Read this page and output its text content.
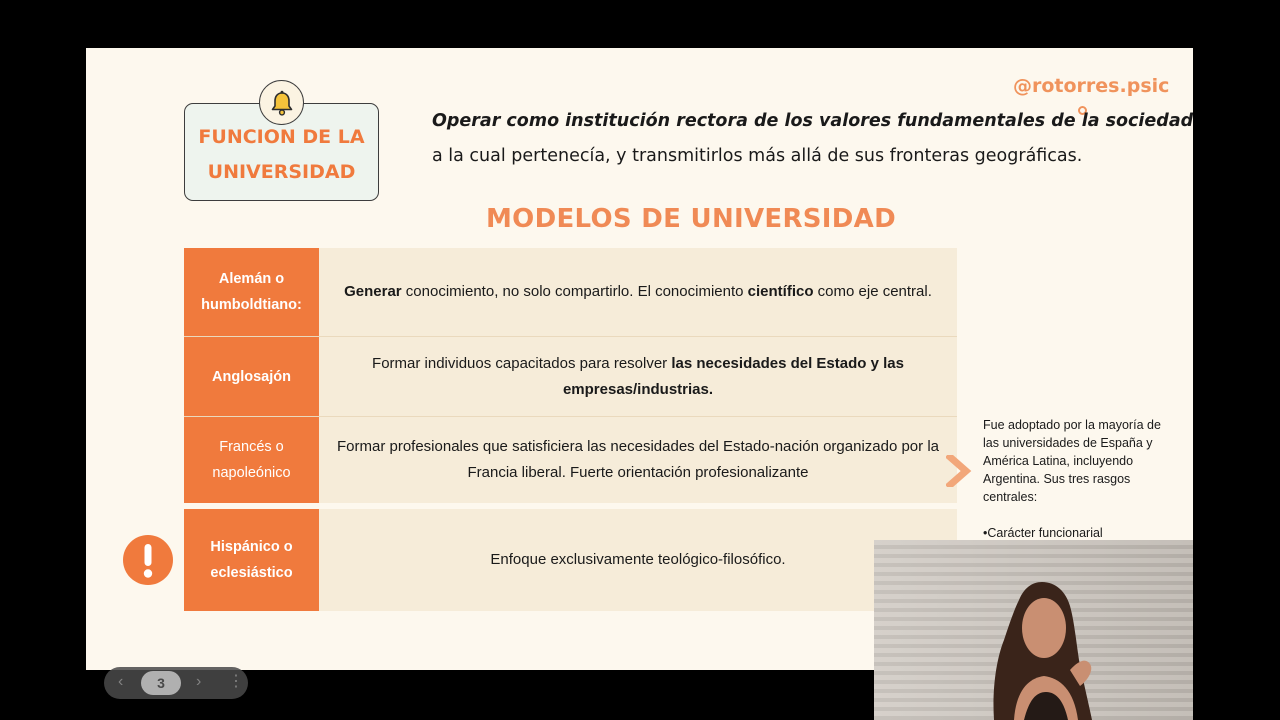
@rotorres.psic
FUNCION DE LA
UNIVERSIDAD
Operar como institución rectora de los valores fundamentales de la sociedad
a la cual pertenecía, y transmitirlos más allá de sus fronteras geográficas.
MODELOS DE UNIVERSIDAD
Alemán o humboldtiano:
Generar conocimiento, no solo compartirlo. El conocimiento científico como eje central.
Anglosajón
Formar individuos capacitados para resolver las necesidades del Estado y las empresas/industrias.
Francés o napoleónico
Formar profesionales que satisficiera las necesidades del Estado-nación organizado por la Francia liberal. Fuerte orientación profesionalizante
Hispánico o eclesiástico
Enfoque exclusivamente teológico-filosófico.
Fue adoptado por la mayoría de las universidades de España y América Latina, incluyendo Argentina. Sus tres rasgos centrales:
•Carácter funcionarial
‹	3	› ⋮
